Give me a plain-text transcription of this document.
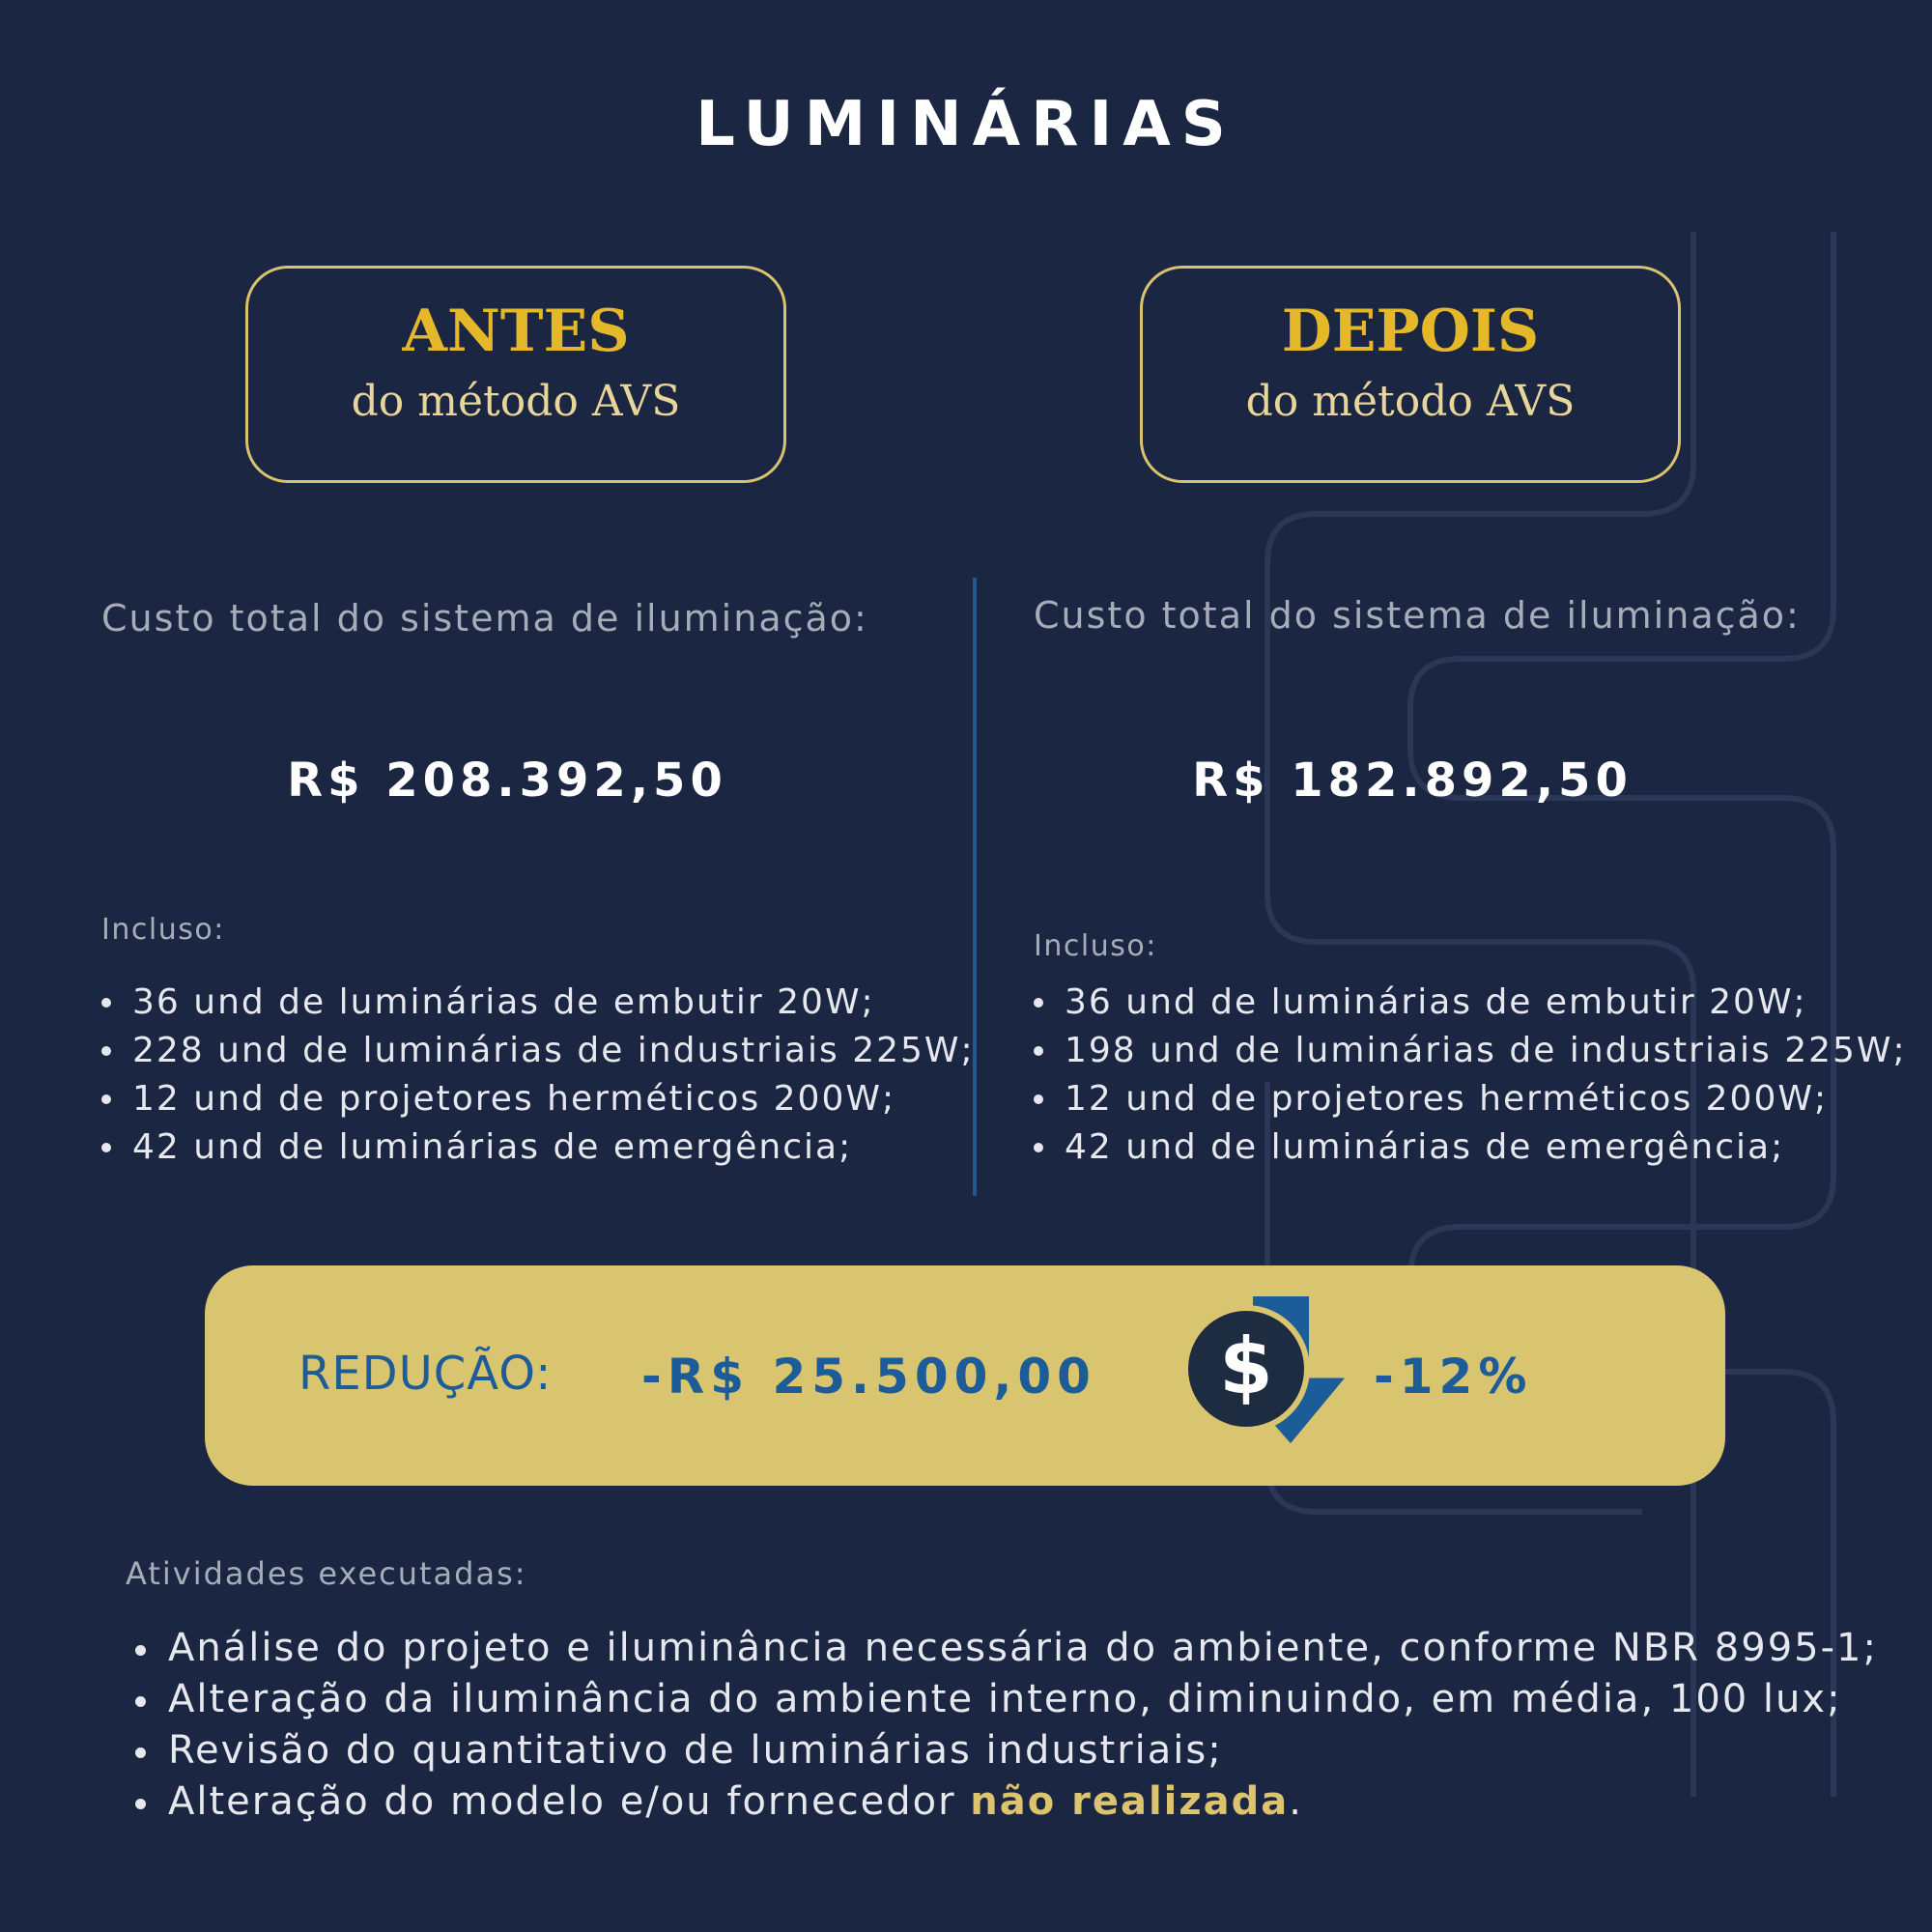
LUMINÁRIAS
ANTES
do método AVS
DEPOIS
do método AVS
Custo total do sistema de iluminação:
R$ 208.392,50
Incluso:
36 und de luminárias de embutir 20W;
228 und de luminárias de industriais 225W;
12 und de projetores herméticos 200W;
42 und de luminárias de emergência;
Custo total do sistema de iluminação:
R$ 182.892,50
Incluso:
36 und de luminárias de embutir 20W;
198 und de luminárias de industriais 225W;
12 und de projetores herméticos 200W;
42 und de luminárias de emergência;
REDUÇÃO: -R$ 25.500,00 $ -12%
Atividades executadas:
Análise do projeto e iluminância necessária do ambiente, conforme NBR 8995-1;
Alteração da iluminância do ambiente interno, diminuindo, em média, 100 lux;
Revisão do quantitativo de luminárias industriais;
Alteração do modelo e/ou fornecedor não realizada.
